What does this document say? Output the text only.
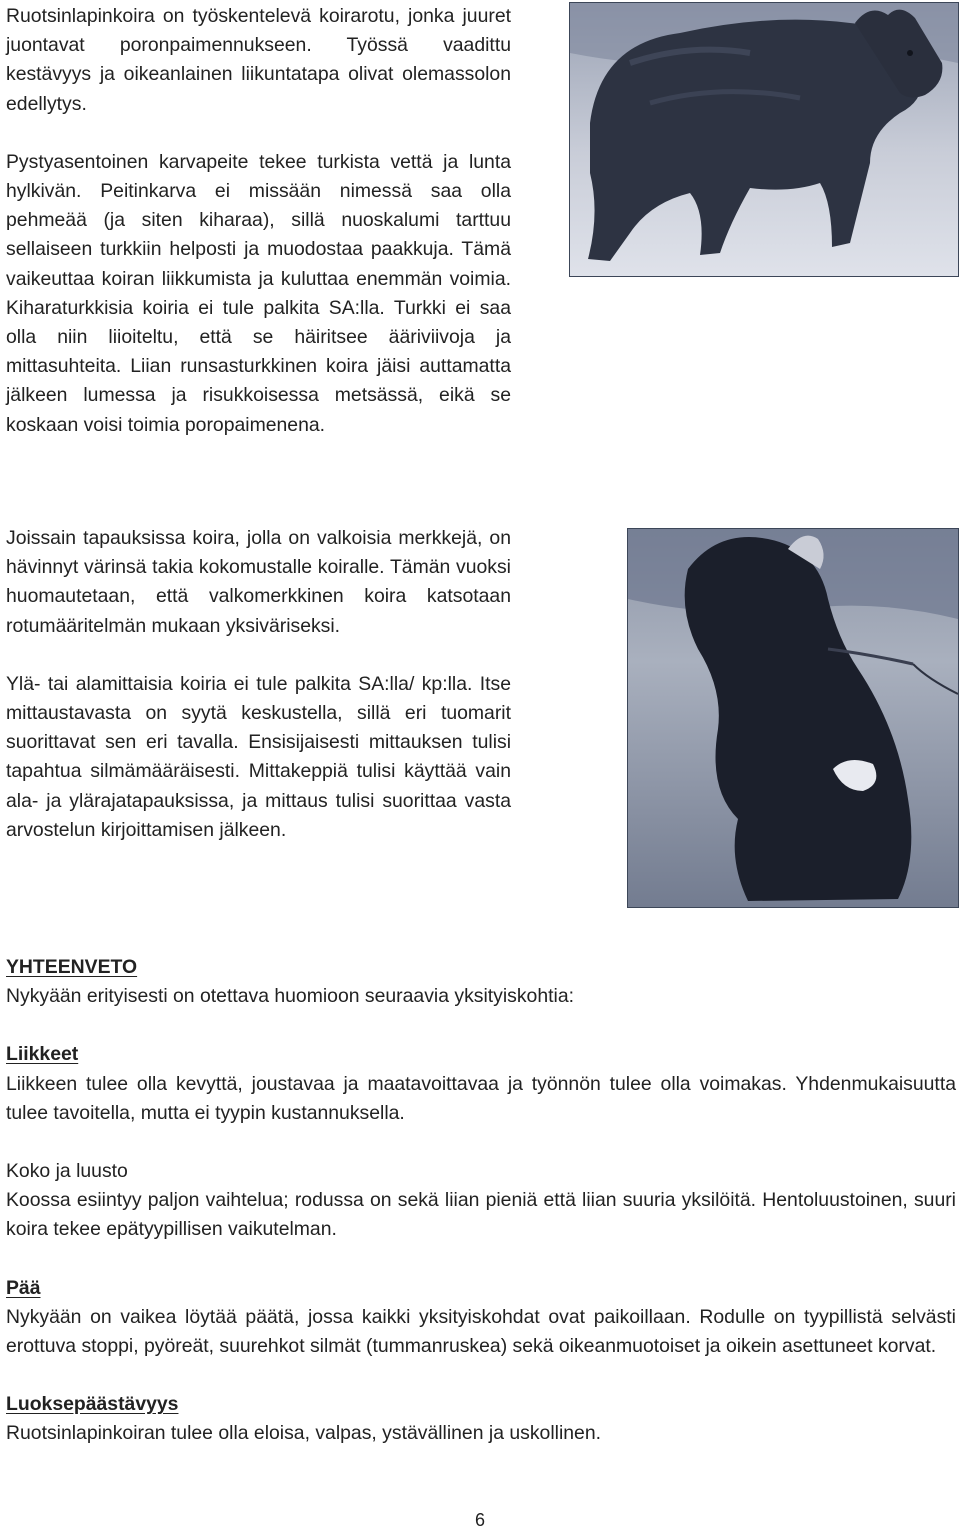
Ruotsinlapinkoira on työskentelevä koirarotu, jonka juuret juontavat poronpaimennukseen. Työssä vaadittu kestävyys ja oikeanlainen liikuntatapa olivat olemassolon edellytys.

Pystyasentoinen karvapeite tekee turkista vettä ja lunta hylkivän. Peitinkarva ei missään nimessä saa olla pehmeää (ja siten kiharaa), sillä nuoskalumi tarttuu sellaiseen turkkiin helposti ja muodostaa paakkuja. Tämä vaikeuttaa koiran liikkumista ja kuluttaa enemmän voimia. Kiharaturkkisia koiria ei tule palkita SA:lla. Turkki ei saa olla niin liioiteltu, että se häiritsee ääriviivoja ja mittasuhteita. Liian runsasturkkinen koira jäisi auttamatta jälkeen lumessa ja risukkoisessa metsässä, eikä se koskaan voisi toimia poropaimenena.

Joissain tapauksissa koira, jolla on valkoisia merkkejä, on hävinnyt värinsä takia kokomustalle koiralle. Tämän vuoksi huomautetaan, että valkomerkkinen koira katsotaan rotumääritelmän mukaan yksiväriseksi.

Ylä- tai alamittaisia koiria ei tule palkita SA:lla/ kp:lla. Itse mittaustavasta on syytä keskustella, sillä eri tuomarit suorittavat sen eri tavalla. Ensisijaisesti mittauksen tulisi tapahtua silmämääräisesti. Mittakeppiä tulisi käyttää vain ala- ja ylärajatapauksissa, ja mittaus tulisi suorittaa vasta arvostelun kirjoittamisen jälkeen.

YHTEENVETO

Nykyään erityisesti on otettava huomioon seuraavia yksityiskohtia:

Liikkeet

Liikkeen tulee olla kevyttä, joustavaa ja maatavoittavaa ja työnnön tulee olla voimakas. Yhdenmukaisuutta tulee tavoitella, mutta ei tyypin kustannuksella.

Koko ja luusto

Koossa esiintyy paljon vaihtelua; rodussa on sekä liian pieniä että liian suuria yksilöitä. Hentoluustoinen, suuri koira tekee epätyypillisen vaikutelman.

Pää

Nykyään on vaikea löytää päätä, jossa kaikki yksityiskohdat ovat paikoillaan. Rodulle on tyypillistä selvästi erottuva stoppi, pyöreät, suurehkot silmät (tummanruskea) sekä oikeanmuotoiset ja oikein asettuneet korvat.

Luoksepäästävyys

Ruotsinlapinkoiran tulee olla eloisa, valpas, ystävällinen ja uskollinen.

6
